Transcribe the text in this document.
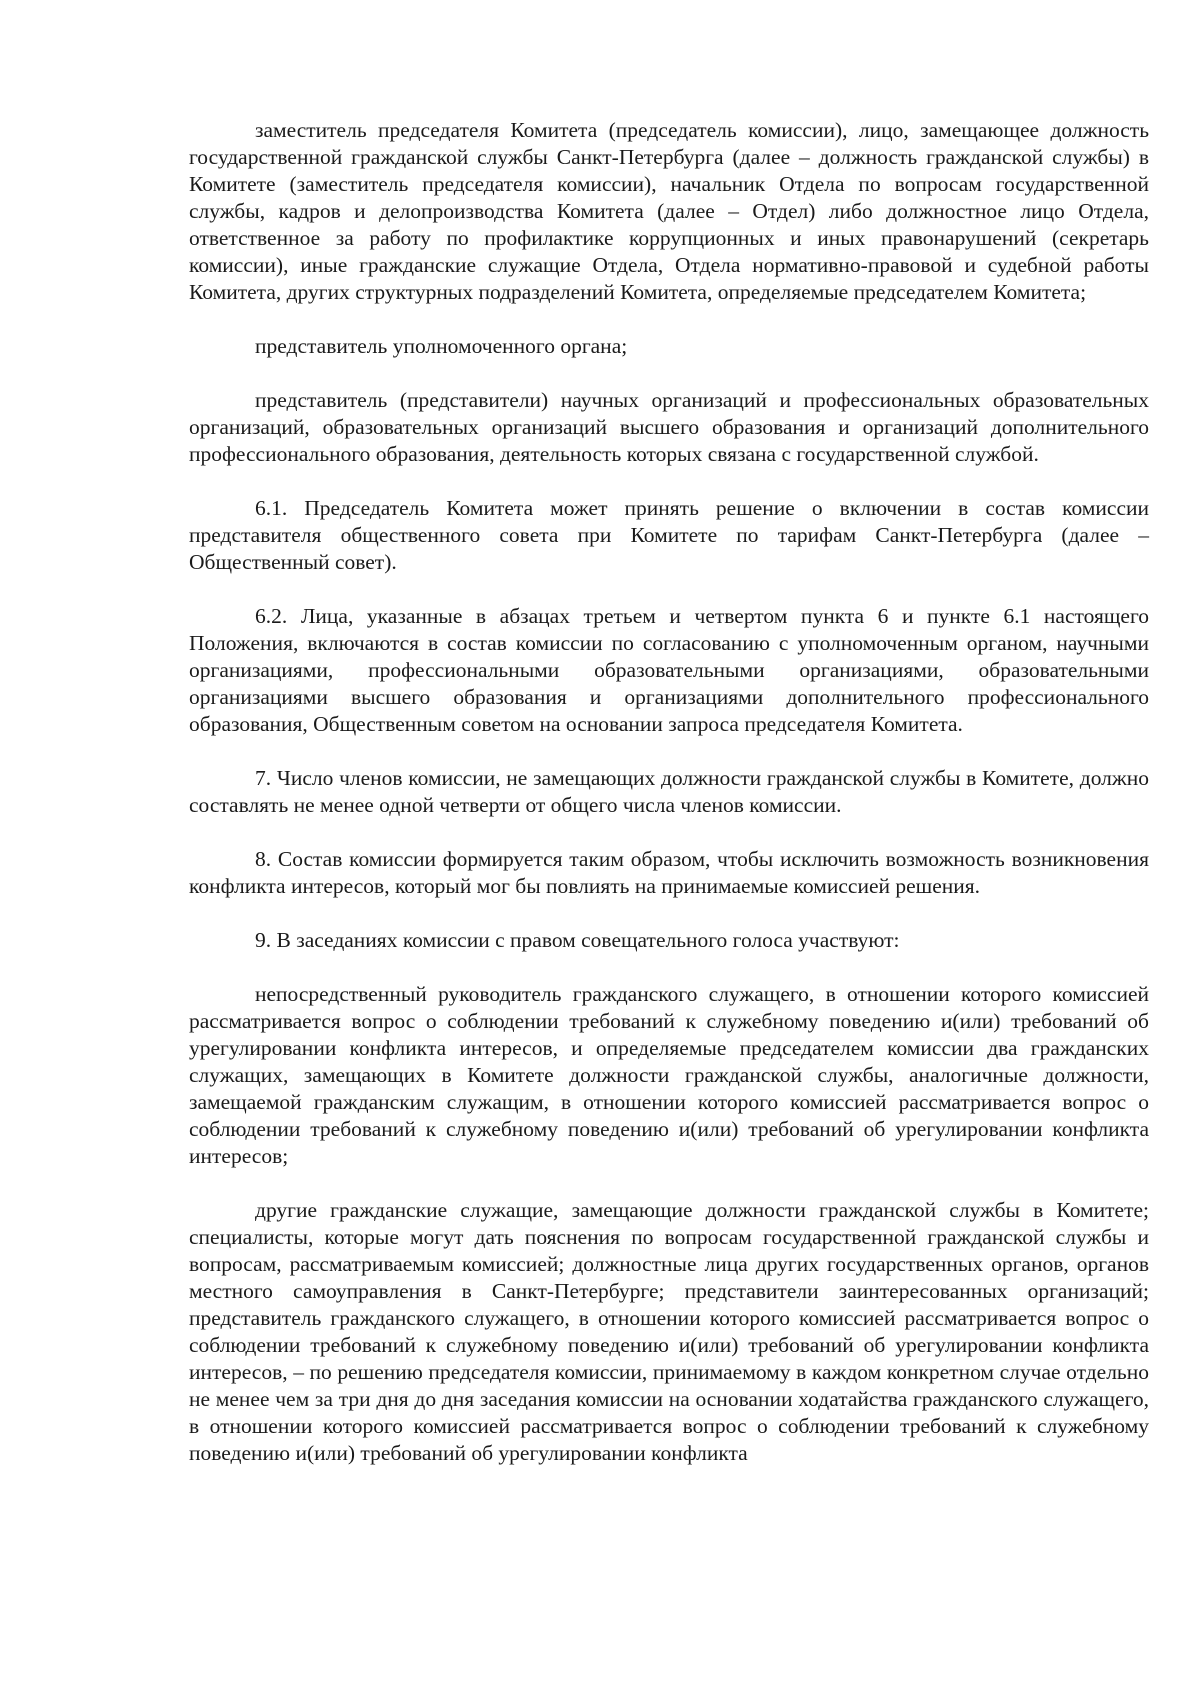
заместитель председателя Комитета (председатель комиссии), лицо, замещающее должность государственной гражданской службы Санкт-Петербурга (далее – должность гражданской службы) в Комитете (заместитель председателя комиссии), начальник Отдела по вопросам государственной службы, кадров и делопроизводства Комитета (далее – Отдел) либо должностное лицо Отдела, ответственное за работу по профилактике коррупционных и иных правонарушений (секретарь комиссии), иные гражданские служащие Отдела, Отдела нормативно-правовой и судебной работы Комитета, других структурных подразделений Комитета, определяемые председателем Комитета;

представитель уполномоченного органа;

представитель (представители) научных организаций и профессиональных образовательных организаций, образовательных организаций высшего образования и организаций дополнительного профессионального образования, деятельность которых связана с государственной службой.

6.1. Председатель Комитета может принять решение о включении в состав комиссии представителя общественного совета при Комитете по тарифам Санкт-Петербурга (далее – Общественный совет).

6.2. Лица, указанные в абзацах третьем и четвертом пункта 6 и пункте 6.1 настоящего Положения, включаются в состав комиссии по согласованию с уполномоченным органом, научными организациями, профессиональными образовательными организациями, образовательными организациями высшего образования и организациями дополнительного профессионального образования, Общественным советом на основании запроса председателя Комитета.

7. Число членов комиссии, не замещающих должности гражданской службы в Комитете, должно составлять не менее одной четверти от общего числа членов комиссии.

8. Состав комиссии формируется таким образом, чтобы исключить возможность возникновения конфликта интересов, который мог бы повлиять на принимаемые комиссией решения.

9. В заседаниях комиссии с правом совещательного голоса участвуют:

непосредственный руководитель гражданского служащего, в отношении которого комиссией рассматривается вопрос о соблюдении требований к служебному поведению и(или) требований об урегулировании конфликта интересов, и определяемые председателем комиссии два гражданских служащих, замещающих в Комитете должности гражданской службы, аналогичные должности, замещаемой гражданским служащим, в отношении которого комиссией рассматривается вопрос о соблюдении требований к служебному поведению и(или) требований об урегулировании конфликта интересов;

другие гражданские служащие, замещающие должности гражданской службы в Комитете; специалисты, которые могут дать пояснения по вопросам государственной гражданской службы и вопросам, рассматриваемым комиссией; должностные лица других государственных органов, органов местного самоуправления в Санкт-Петербурге; представители заинтересованных организаций; представитель гражданского служащего, в отношении которого комиссией рассматривается вопрос о соблюдении требований к служебному поведению и(или) требований об урегулировании конфликта интересов, – по решению председателя комиссии, принимаемому в каждом конкретном случае отдельно не менее чем за три дня до дня заседания комиссии на основании ходатайства гражданского служащего, в отношении которого комиссией рассматривается вопрос о соблюдении требований к служебному поведению и(или) требований об урегулировании конфликта
